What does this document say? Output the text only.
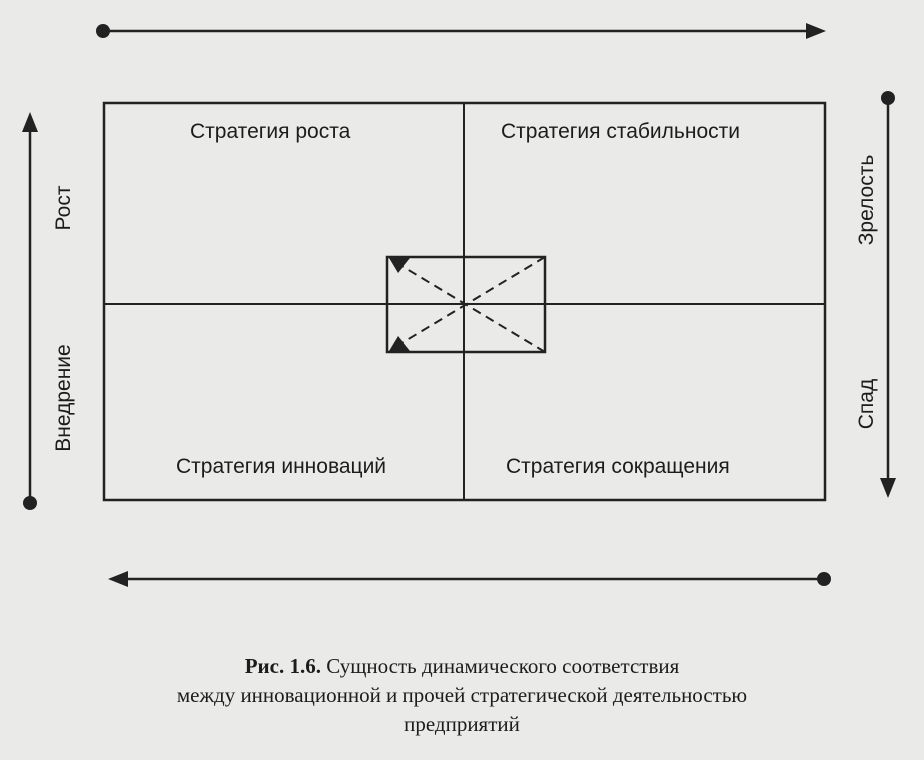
Стратегия роста	Стратегия стабильности
Стратегия инноваций	Стратегия сокращения
Рост
Внедрение
Зрелость
Спад
Рис. 1.6. Сущность динамического соответствия
между инновационной и прочей стратегической деятельностью
предприятий
